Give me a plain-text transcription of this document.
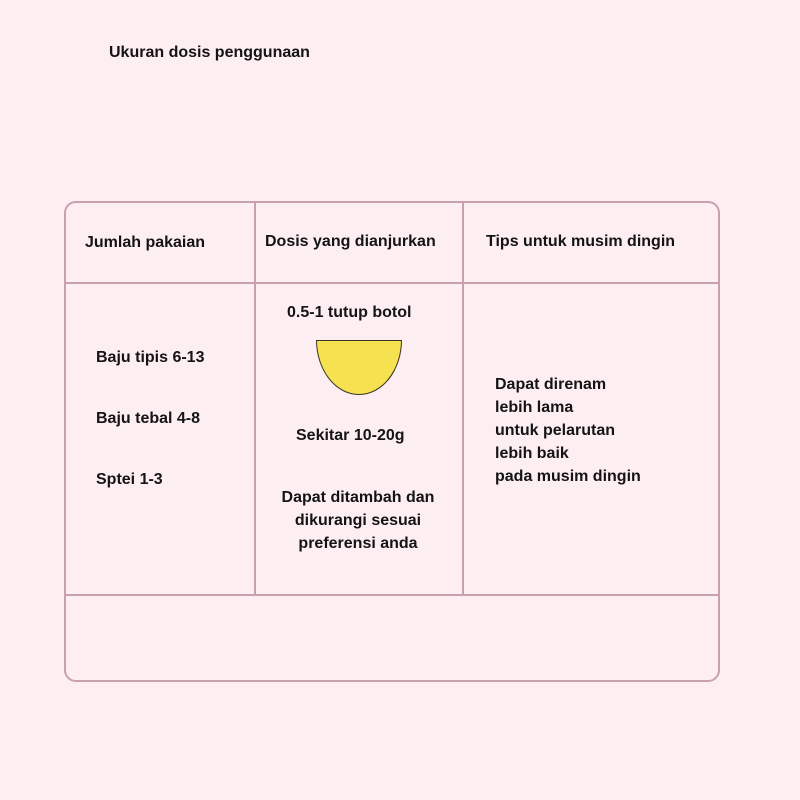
Ukuran dosis penggunaan
Jumlah pakaian	Dosis yang dianjurkan	Tips untuk musim dingin
Baju tipis 6-13
Baju tebal 4-8
Sptei 1-3
0.5-1 tutup botol
Sekitar 10-20g
Dapat ditambah dan
dikurangi sesuai
preferensi anda
Dapat direnam
lebih lama
untuk pelarutan
lebih baik
pada musim dingin
